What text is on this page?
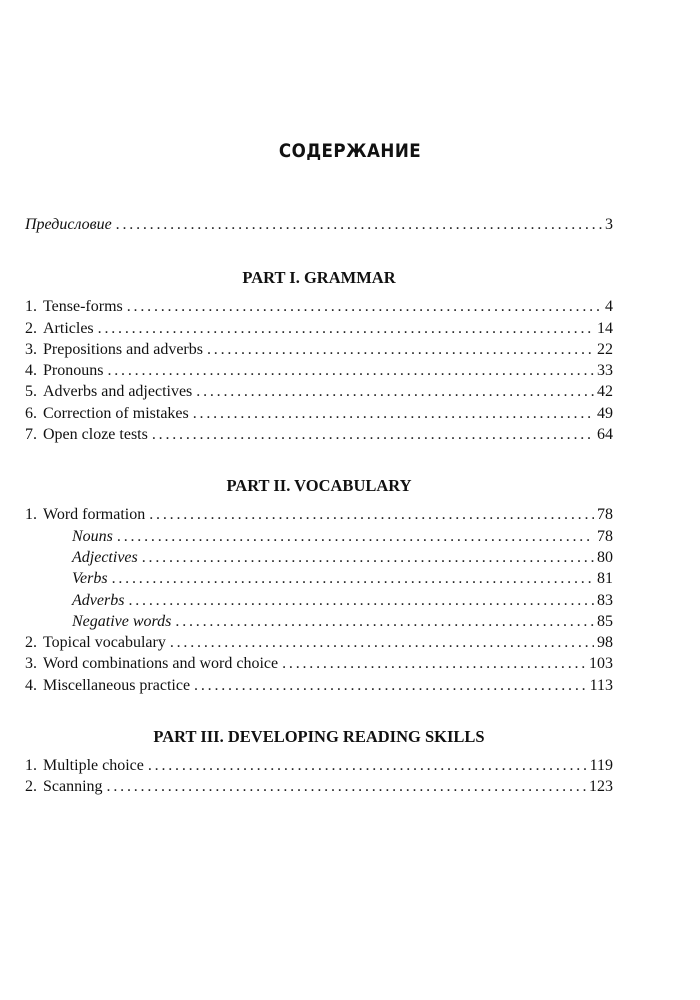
СОДЕРЖАНИЕ
Предисловие . . .	3
PART I. GRAMMAR
1. Tense-forms . . .	4
2. Articles . . .	14
3. Prepositions and adverbs . . .	22
4. Pronouns . . .	33
5. Adverbs and adjectives . . .	42
6. Correction of mistakes . . .	49
7. Open cloze tests . . .	64
PART II. VOCABULARY
1. Word formation . . .	78
Nouns . . .	78
Adjectives . . .	80
Verbs . . .	81
Adverbs . . .	83
Negative words . . .	85
2. Topical vocabulary . . .	98
3. Word combinations and word choice . . .	103
4. Miscellaneous practice . . .	113
PART III. DEVELOPING READING SKILLS
1. Multiple choice . . .	119
2. Scanning . . .	123
